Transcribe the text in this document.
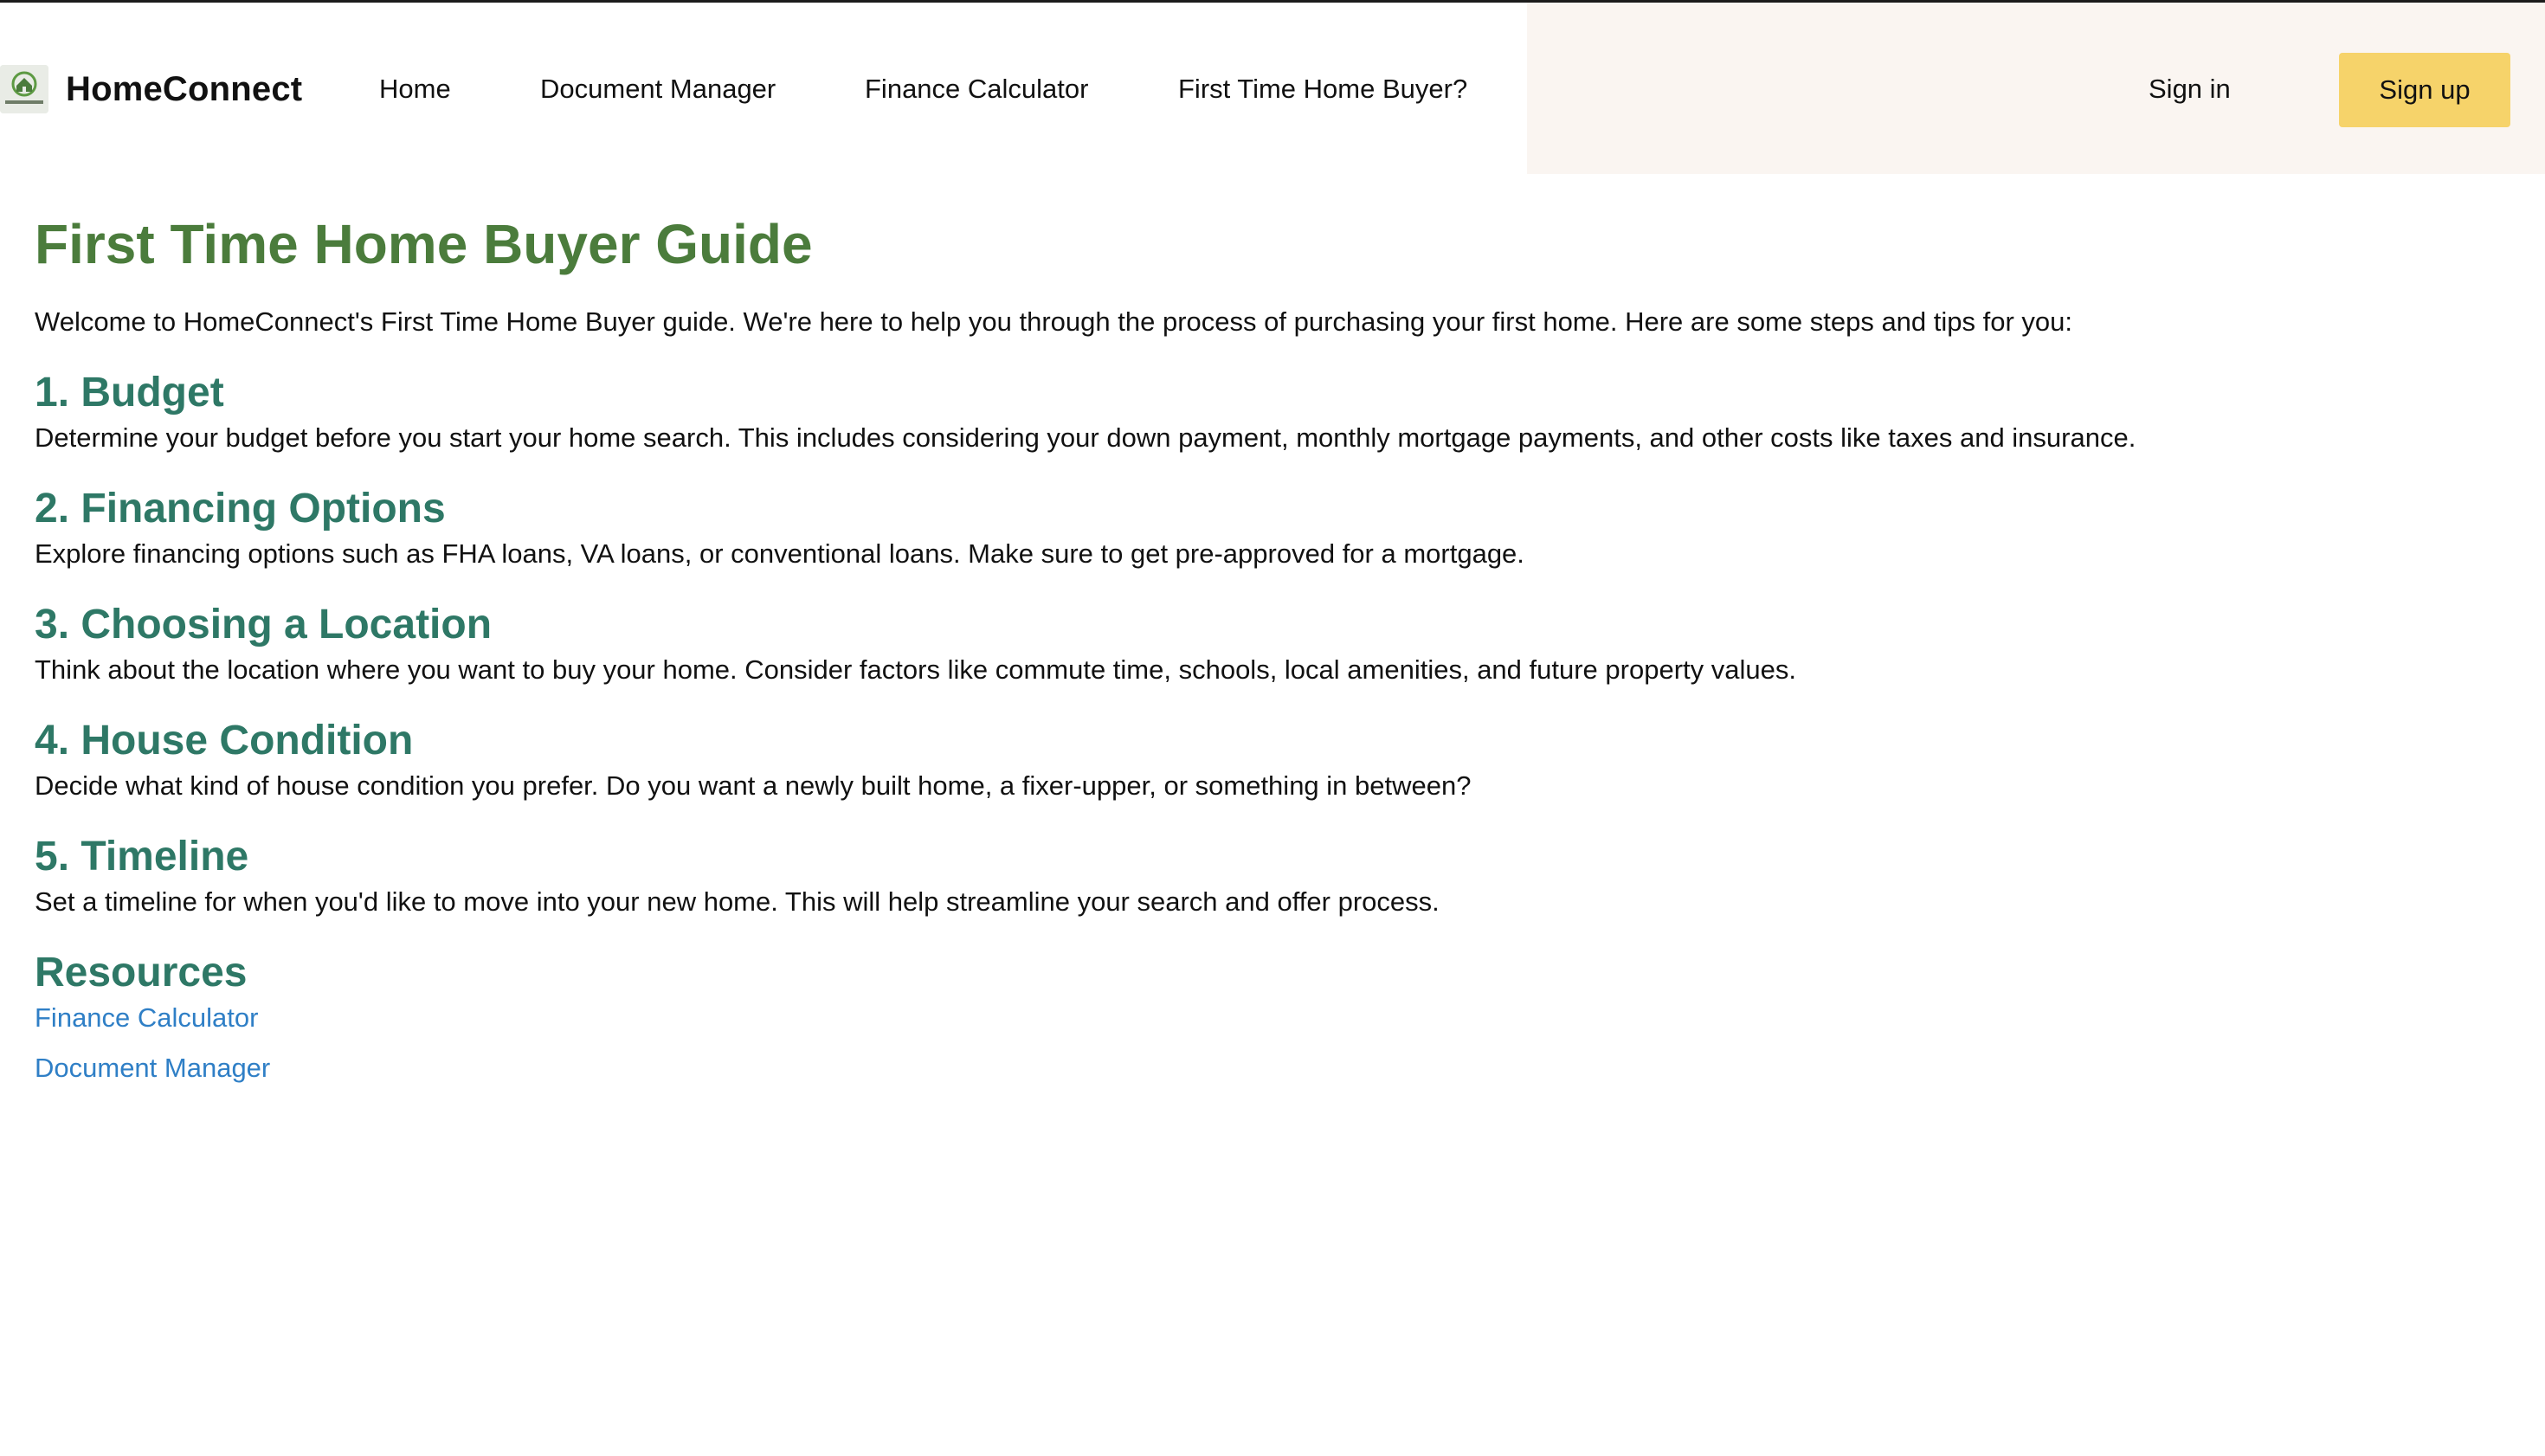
HomeConnect	Home	Document Manager	Finance Calculator	First Time Home Buyer?	Sign in	Sign up
First Time Home Buyer Guide

Welcome to HomeConnect's First Time Home Buyer guide. We're here to help you through the process of purchasing your first home. Here are some steps and tips for you:

1. Budget

Determine your budget before you start your home search. This includes considering your down payment, monthly mortgage payments, and other costs like taxes and insurance.

2. Financing Options

Explore financing options such as FHA loans, VA loans, or conventional loans. Make sure to get pre-approved for a mortgage.

3. Choosing a Location

Think about the location where you want to buy your home. Consider factors like commute time, schools, local amenities, and future property values.

4. House Condition

Decide what kind of house condition you prefer. Do you want a newly built home, a fixer-upper, or something in between?

5. Timeline

Set a timeline for when you'd like to move into your new home. This will help streamline your search and offer process.

Resources
Finance Calculator
Document Manager
